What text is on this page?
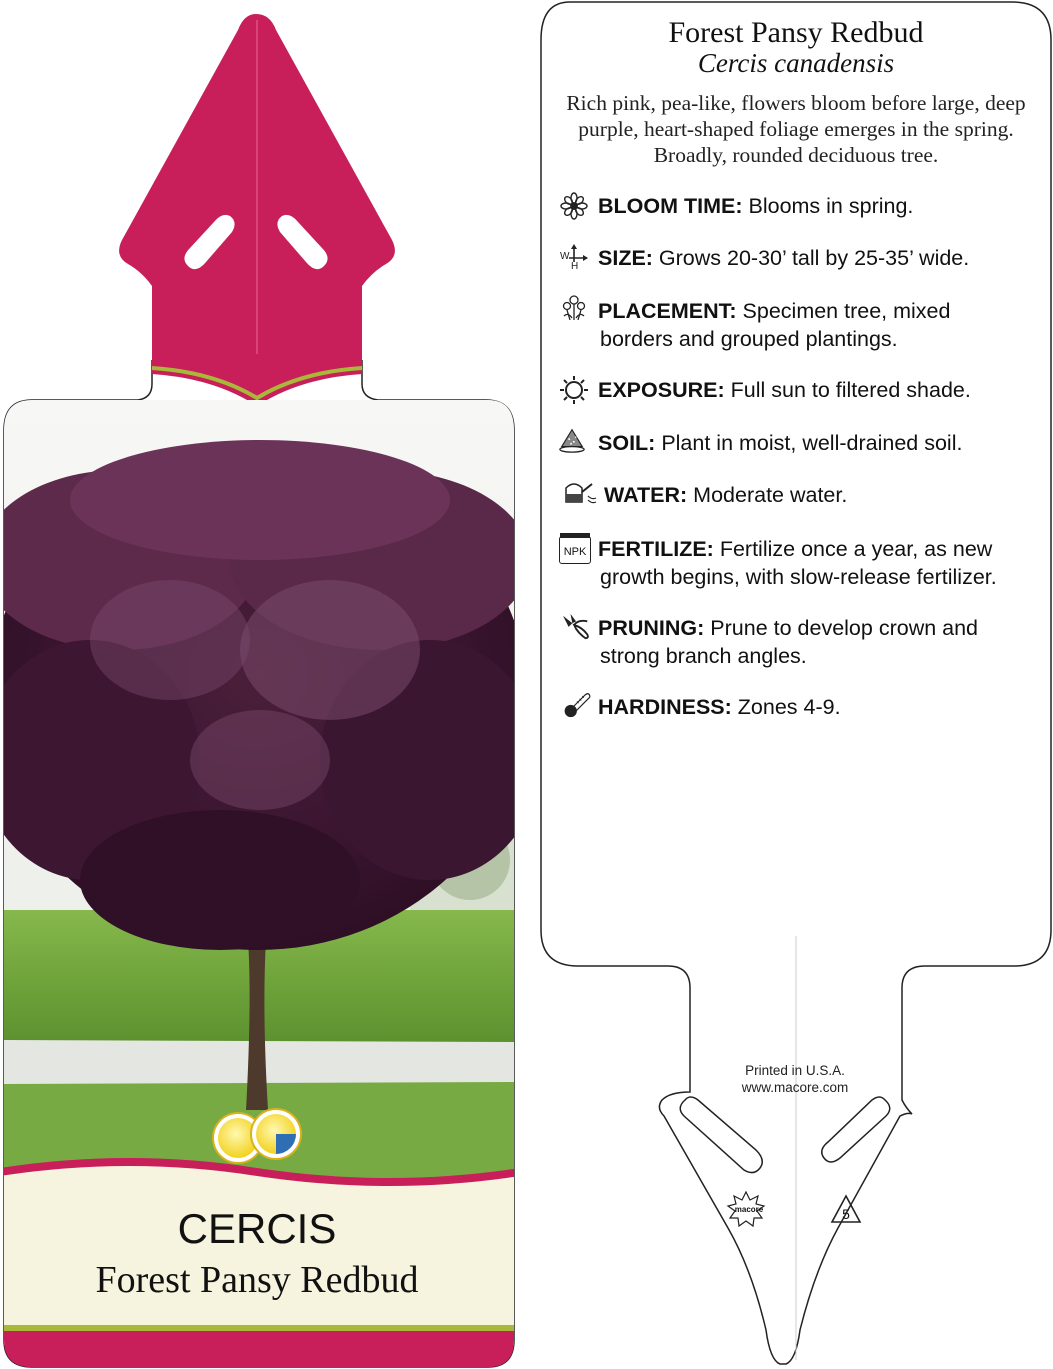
CERCIS
Forest Pansy Redbud
macore	5
Forest Pansy Redbud
Cercis canadensis
Rich pink, pea-like, flowers bloom before large, deep purple, heart-shaped foliage emerges in the spring. Broadly, rounded deciduous tree.
BLOOM TIME: Blooms in spring.
SIZE: Grows 20-30’ tall by 25-35’ wide.
W
H
PLACEMENT: Specimen tree, mixed
borders and grouped plantings.
EXPOSURE: Full sun to filtered shade.
SOIL: Plant in moist, well-drained soil.
WATER: Moderate water.
FERTILIZE: Fertilize once a year, as new
growth begins, with slow-release fertilizer.
NPK
PRUNING: Prune to develop crown and
strong branch angles.
HARDINESS: Zones 4-9.
Printed in U.S.A.
www.macore.com
